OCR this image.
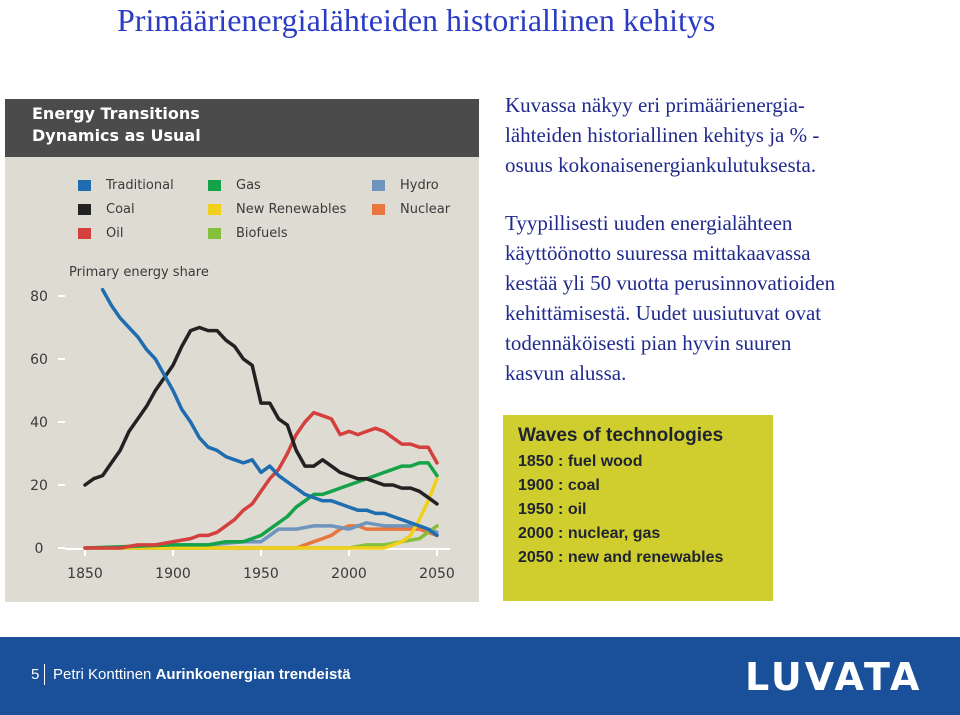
Primäärienergialähteiden historiallinen kehitys
Energy Transitions
Dynamics as Usual
Traditional
Coal
Oil
Gas
New Renewables
Biofuels
Hydro
Nuclear
Primary energy share
0
20
40
60
80
1850	1900	1950	2000	2050
Kuvassa näkyy eri primäärienergia-
lähteiden historiallinen kehitys ja % -
osuus kokonaisenergiankulutuksesta.
Tyypillisesti uuden energialähteen
käyttöönotto suuressa mittakaavassa
kestää yli 50 vuotta perusinnovatioiden
kehittämisestä. Uudet uusiutuvat ovat
todennäköisesti pian hyvin suuren
kasvun alussa.
Waves of technologies
1850 : fuel wood
1900 : coal
1950 : oil
2000 : nuclear, gas
2050 : new and renewables
5 Petri Konttinen Aurinkoenergian trendeistä	LUVATA
